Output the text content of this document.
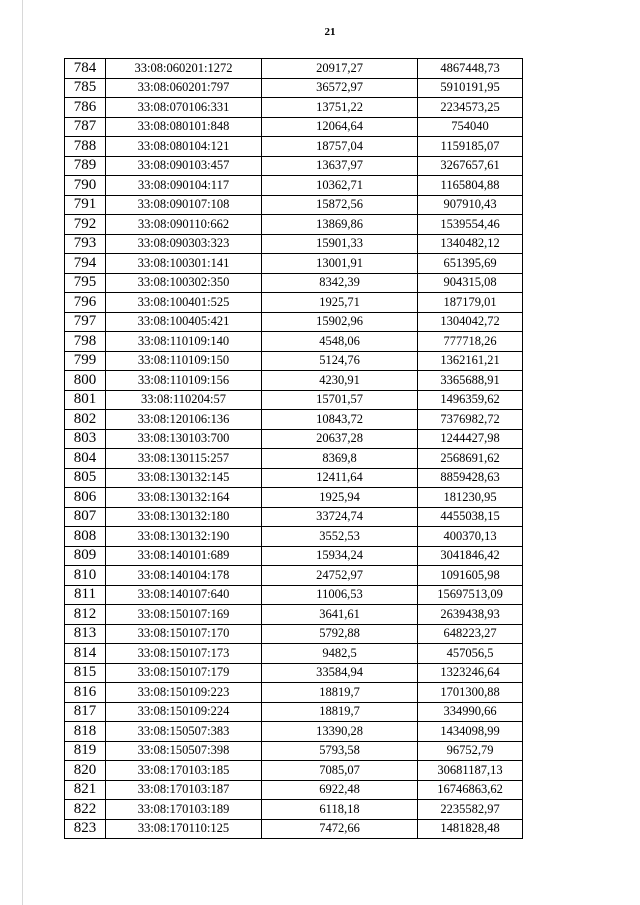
21
784	33:08:060201:1272	20917,27	4867448,73
785	33:08:060201:797	36572,97	5910191,95
786	33:08:070106:331	13751,22	2234573,25
787	33:08:080101:848	12064,64	754040
788	33:08:080104:121	18757,04	1159185,07
789	33:08:090103:457	13637,97	3267657,61
790	33:08:090104:117	10362,71	1165804,88
791	33:08:090107:108	15872,56	907910,43
792	33:08:090110:662	13869,86	1539554,46
793	33:08:090303:323	15901,33	1340482,12
794	33:08:100301:141	13001,91	651395,69
795	33:08:100302:350	8342,39	904315,08
796	33:08:100401:525	1925,71	187179,01
797	33:08:100405:421	15902,96	1304042,72
798	33:08:110109:140	4548,06	777718,26
799	33:08:110109:150	5124,76	1362161,21
800	33:08:110109:156	4230,91	3365688,91
801	33:08:110204:57	15701,57	1496359,62
802	33:08:120106:136	10843,72	7376982,72
803	33:08:130103:700	20637,28	1244427,98
804	33:08:130115:257	8369,8	2568691,62
805	33:08:130132:145	12411,64	8859428,63
806	33:08:130132:164	1925,94	181230,95
807	33:08:130132:180	33724,74	4455038,15
808	33:08:130132:190	3552,53	400370,13
809	33:08:140101:689	15934,24	3041846,42
810	33:08:140104:178	24752,97	1091605,98
811	33:08:140107:640	11006,53	15697513,09
812	33:08:150107:169	3641,61	2639438,93
813	33:08:150107:170	5792,88	648223,27
814	33:08:150107:173	9482,5	457056,5
815	33:08:150107:179	33584,94	1323246,64
816	33:08:150109:223	18819,7	1701300,88
817	33:08:150109:224	18819,7	334990,66
818	33:08:150507:383	13390,28	1434098,99
819	33:08:150507:398	5793,58	96752,79
820	33:08:170103:185	7085,07	30681187,13
821	33:08:170103:187	6922,48	16746863,62
822	33:08:170103:189	6118,18	2235582,97
823	33:08:170110:125	7472,66	1481828,48
